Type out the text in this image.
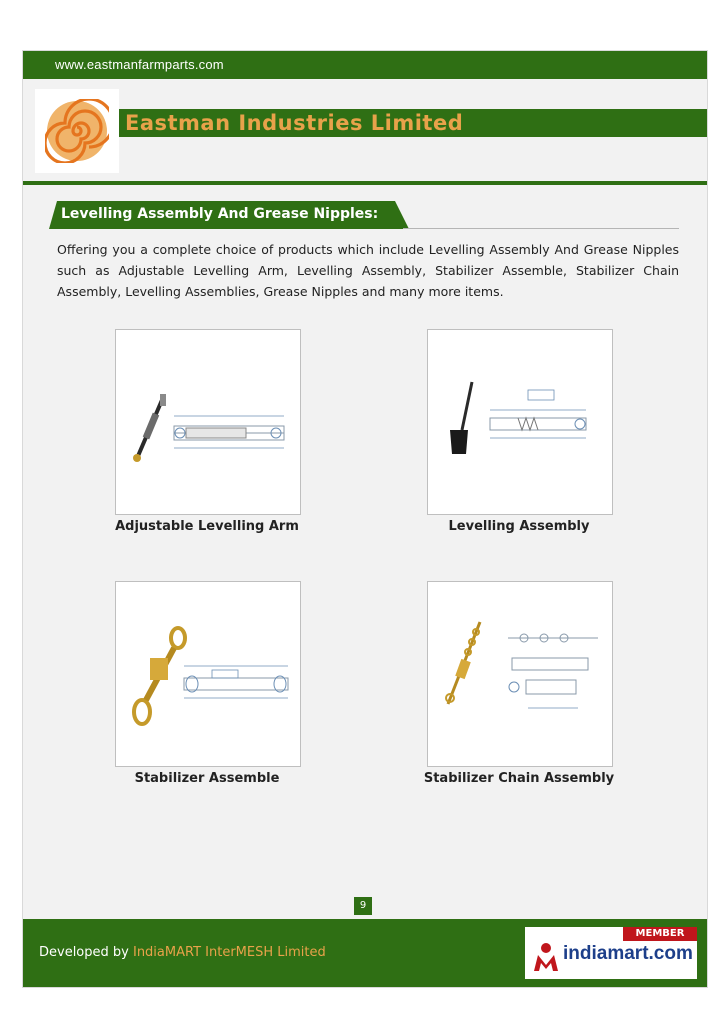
www.eastmanfarmparts.com
Eastman Industries Limited
Levelling Assembly And Grease Nipples:
Offering you a complete choice of products which include Levelling Assembly And Grease Nipples such as Adjustable Levelling Arm, Levelling Assembly, Stabilizer Assemble, Stabilizer Chain Assembly, Levelling Assemblies, Grease Nipples and many more items.
Adjustable Levelling Arm	Levelling Assembly
Stabilizer Assemble	Stabilizer Chain Assembly
9
Developed by IndiaMART InterMESH Limited
MEMBER
indiamart.com
